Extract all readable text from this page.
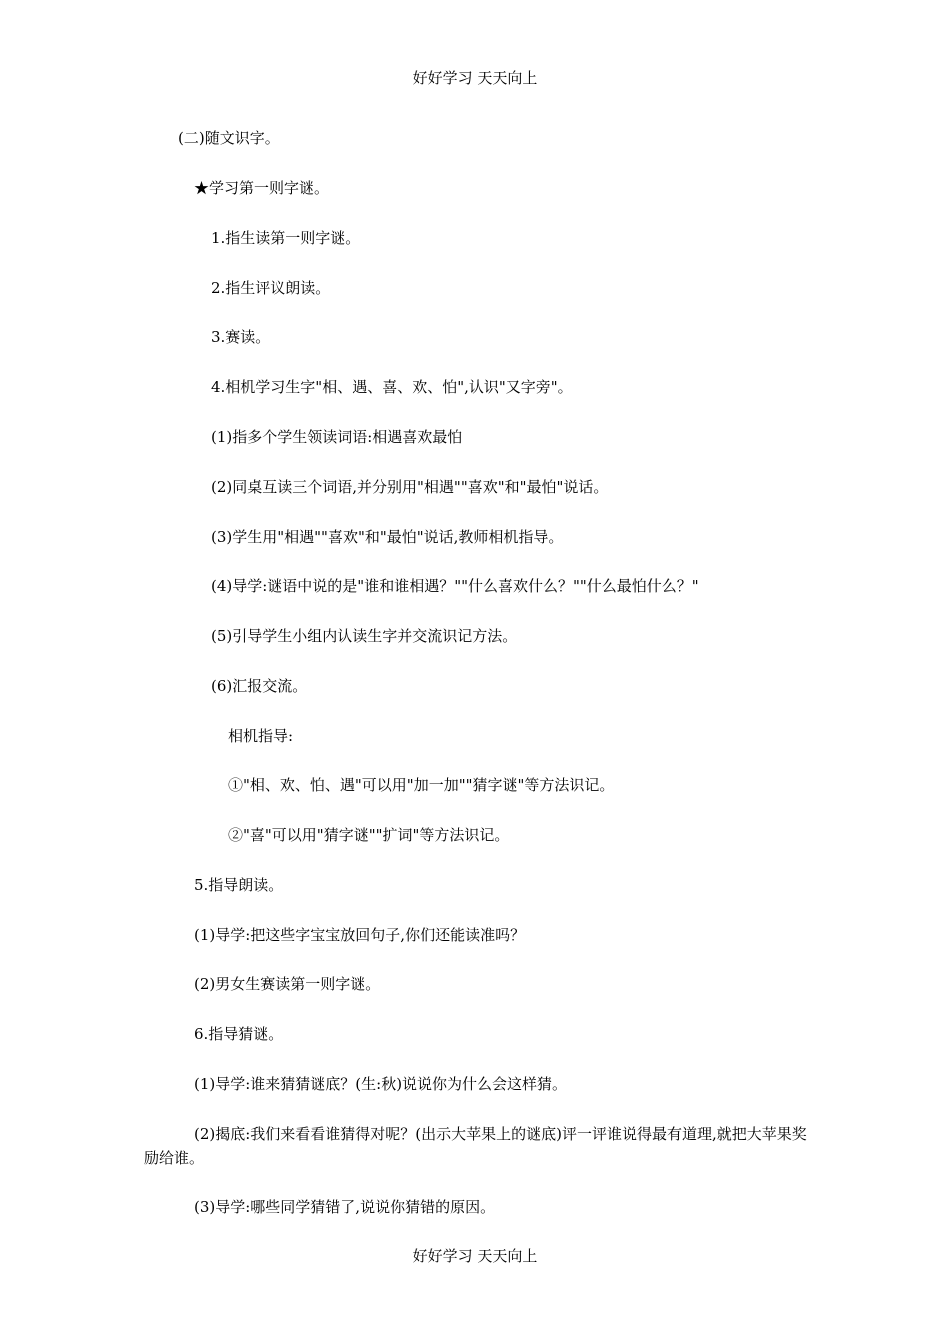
好好学习 天天向上
(二)随文识字。
★学习第一则字谜。
1.指生读第一则字谜。
2.指生评议朗读。
3.赛读。
4.相机学习生字"相、遇、喜、欢、怕",认识"又字旁"。
(1)指多个学生领读词语:相遇喜欢最怕
(2)同桌互读三个词语,并分别用"相遇""喜欢"和"最怕"说话。
(3)学生用"相遇""喜欢"和"最怕"说话,教师相机指导。
(4)导学:谜语中说的是"谁和谁相遇？""什么喜欢什么？""什么最怕什么？"
(5)引导学生小组内认读生字并交流识记方法。
(6)汇报交流。
相机指导:
①"相、欢、怕、遇"可以用"加一加""猜字谜"等方法识记。
②"喜"可以用"猜字谜""扩词"等方法识记。
5.指导朗读。
(1)导学:把这些字宝宝放回句子,你们还能读准吗？
(2)男女生赛读第一则字谜。
6.指导猜谜。
(1)导学:谁来猜猜谜底？(生:秋)说说你为什么会这样猜。
(2)揭底:我们来看看谁猜得对呢？(出示大苹果上的谜底)评一评谁说得最有道理,就把大苹果奖励给谁。
(3)导学:哪些同学猜错了,说说你猜错的原因。
好好学习 天天向上
